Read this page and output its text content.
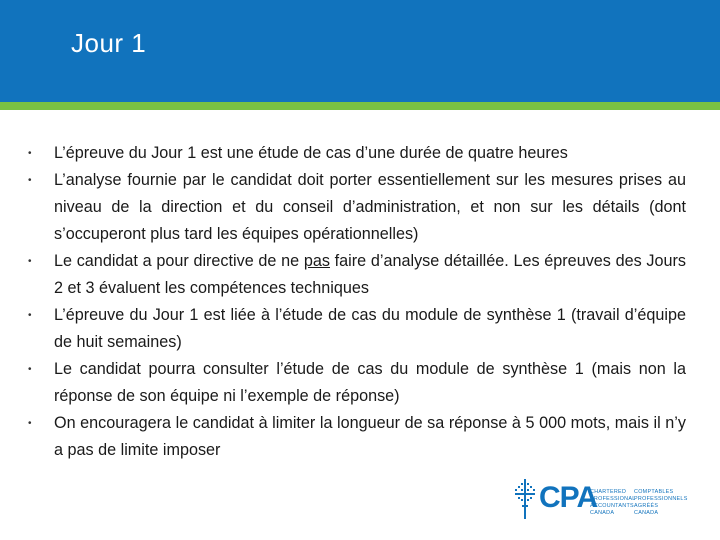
Jour 1
• L’épreuve du Jour 1 est une étude de cas d’une durée de quatre heures
• L’analyse fournie par le candidat doit porter essentiellement sur les mesures prises au niveau de la direction et du conseil d’administration, et non sur les détails (dont s’occuperont plus tard les équipes opérationnelles)
• Le candidat a pour directive de ne pas faire d’analyse détaillée. Les épreuves des Jours 2 et 3 évaluent les compétences techniques
• L’épreuve du Jour 1 est liée à l’étude de cas du module de synthèse 1 (travail d’équipe de huit semaines)
• Le candidat pourra consulter l’étude de cas du module de synthèse 1 (mais non la réponse de son équipe ni l’exemple de réponse)
• On encouragera le candidat à limiter la longueur de sa réponse à 5 000 mots, mais il n’y a pas de limite imposer
CPA
CHARTERED
PROFESSIONAL
ACCOUNTANTS
CANADA
COMPTABLES
PROFESSIONNELS
AGRÉÉS
CANADA
